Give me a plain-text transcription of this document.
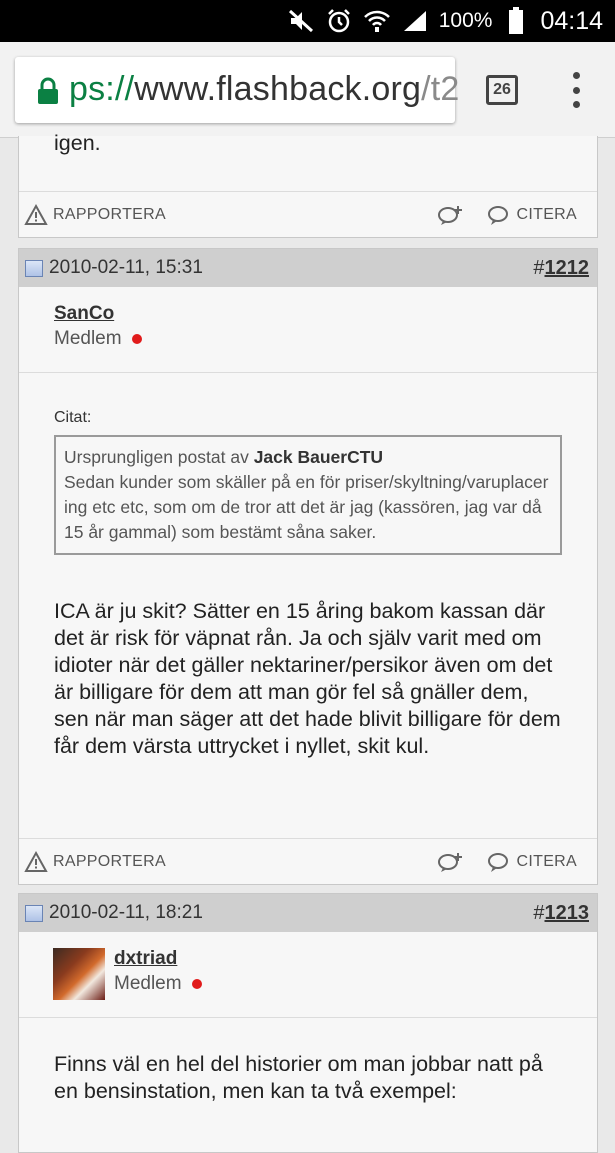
100% 04:14
ps://www.flashback.org/t2	26
igen.
RAPPORTERA	CITERA
2010-02-11, 15:31	#1212
SanCo
Medlem
Citat:
Ursprungligen postat av Jack BauerCTU
Sedan kunder som skäller på en för priser/skyltning/varuplacering etc etc, som om de tror att det är jag (kassören, jag var då 15 år gammal) som bestämt såna saker.
ICA är ju skit? Sätter en 15 åring bakom kassan där det är risk för väpnat rån. Ja och själv varit med om idioter när det gäller nektariner/persikor även om det är billigare för dem att man gör fel så gnäller dem, sen när man säger att det hade blivit billigare för dem får dem värsta uttrycket i nyllet, skit kul.
RAPPORTERA	CITERA
2010-02-11, 18:21	#1213
dxtriad
Medlem
Finns väl en hel del historier om man jobbar natt på en bensinstation, men kan ta två exempel:
